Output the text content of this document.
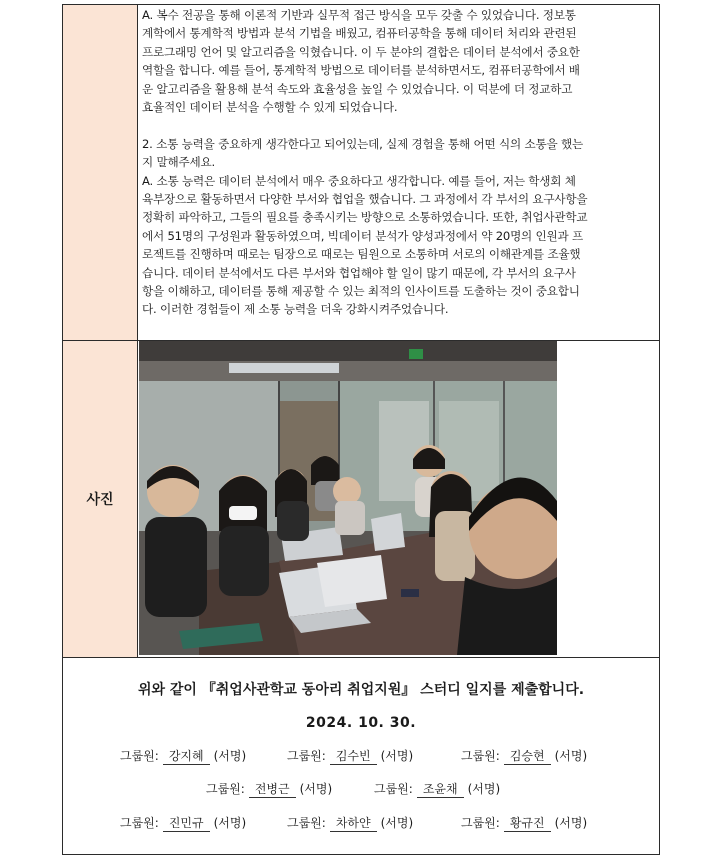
A. 복수 전공을 통해 이론적 기반과 실무적 접근 방식을 모두 갖출 수 있었습니다. 정보통

계학에서 통계학적 방법과 분석 기법을 배웠고, 컴퓨터공학을 통해 데이터 처리와 관련된

프로그래밍 언어 및 알고리즘을 익혔습니다. 이 두 분야의 결합은 데이터 분석에서 중요한

역할을 합니다. 예를 들어, 통계학적 방법으로 데이터를 분석하면서도, 컴퓨터공학에서 배

운 알고리즘을 활용해 분석 속도와 효율성을 높일 수 있었습니다. 이 덕분에 더 정교하고

효율적인 데이터 분석을 수행할 수 있게 되었습니다.

2. 소통 능력을 중요하게 생각한다고 되어있는데, 실제 경험을 통해 어떤 식의 소통을 했는

지 말해주세요.

A. 소통 능력은 데이터 분석에서 매우 중요하다고 생각합니다. 예를 들어, 저는 학생회 체

육부장으로 활동하면서 다양한 부서와 협업을 했습니다. 그 과정에서 각 부서의 요구사항을

정확히 파악하고, 그들의 필요를 충족시키는 방향으로 소통하였습니다. 또한, 취업사관학교

에서 51명의 구성원과 활동하였으며, 빅데이터 분석가 양성과정에서 약 20명의 인원과 프

로젝트를 진행하며 때로는 팀장으로 때로는 팀원으로 소통하며 서로의 이해관계를 조율했

습니다. 데이터 분석에서도 다른 부서와 협업해야 할 일이 많기 때문에, 각 부서의 요구사

항을 이해하고, 데이터를 통해 제공할 수 있는 최적의 인사이트를 도출하는 것이 중요합니

다. 이러한 경험들이 제 소통 능력을 더욱 강화시켜주었습니다.

사진
위와 같이 『취업사관학교 동아리 취업지원』 스터디 일지를 제출합니다.
2024. 10. 30.
그룹원: 강지혜 (서명)	그룹원: 김수빈 (서명)	그룹원: 김승현 (서명)
그룹원: 전병근 (서명)	그룹원: 조윤채 (서명)
그룹원: 진민규 (서명)	그룹원: 차하얀 (서명)	그룹원: 황규진 (서명)
